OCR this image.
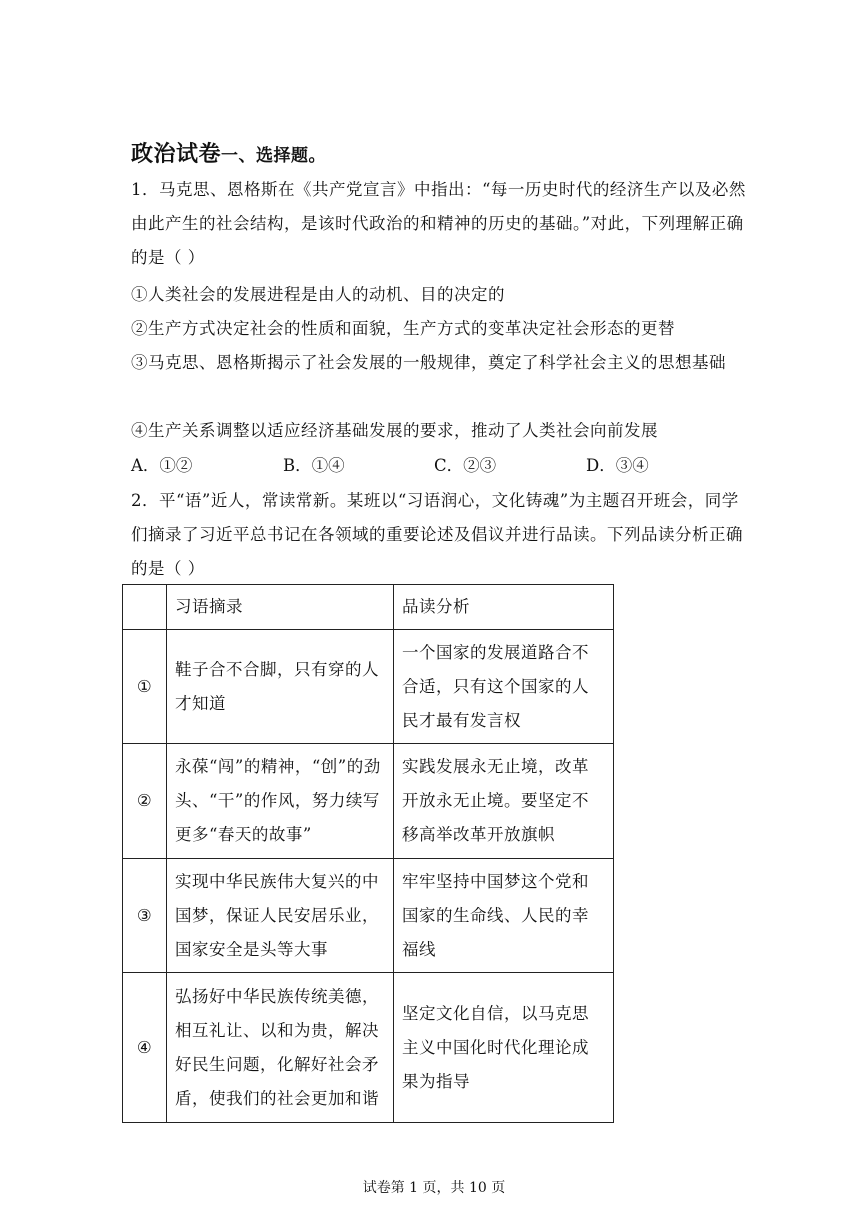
政治试卷一、选择题。
1．马克思、恩格斯在《共产党宣言》中指出：“每一历史时代的经济生产以及必然由此产生的社会结构，是该时代政治的和精神的历史的基础。”对此，下列理解正确的是（ ）
①人类社会的发展进程是由人的动机、目的决定的
②生产方式决定社会的性质和面貌，生产方式的变革决定社会形态的更替
③马克思、恩格斯揭示了社会发展的一般规律，奠定了科学社会主义的思想基础
④生产关系调整以适应经济基础发展的要求，推动了人类社会向前发展
A．①②	B．①④	C．②③	D．③④
2．平“语”近人，常读常新。某班以“习语润心，文化铸魂”为主题召开班会，同学们摘录了习近平总书记在各领域的重要论述及倡议并进行品读。下列品读分析正确的是（ ）
	习语摘录	品读分析
①	鞋子合不合脚，只有穿的人才知道	一个国家的发展道路合不合适，只有这个国家的人民才最有发言权
②	永葆“闯”的精神，“创”的劲头、“干”的作风，努力续写更多“春天的故事”	实践发展永无止境，改革开放永无止境。要坚定不移高举改革开放旗帜
③	实现中华民族伟大复兴的中国梦，保证人民安居乐业，国家安全是头等大事	牢牢坚持中国梦这个党和国家的生命线、人民的幸福线
④	弘扬好中华民族传统美德，相互礼让、以和为贵，解决好民生问题，化解好社会矛盾，使我们的社会更加和谐	坚定文化自信，以马克思主义中国化时代化理论成果为指导
试卷第 1 页，共 10 页
